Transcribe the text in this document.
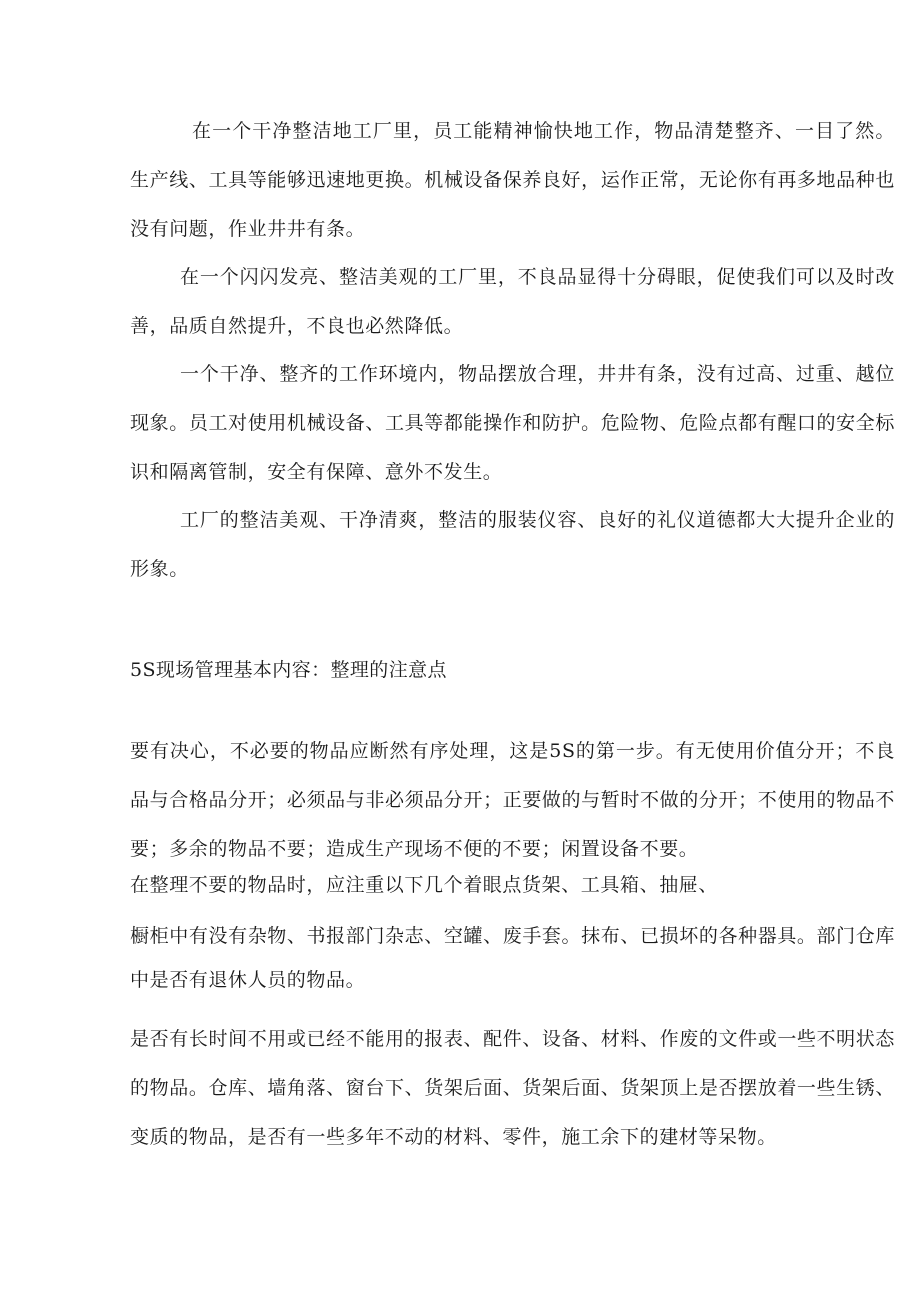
在一个干净整洁地工厂里，员工能精神愉快地工作，物品清楚整齐、一目了然。生产线、工具等能够迅速地更换。机械设备保养良好，运作正常，无论你有再多地品种也没有问题，作业井井有条。

在一个闪闪发亮、整洁美观的工厂里，不良品显得十分碍眼，促使我们可以及时改善，品质自然提升，不良也必然降低。

一个干净、整齐的工作环境内，物品摆放合理，井井有条，没有过高、过重、越位现象。员工对使用机械设备、工具等都能操作和防护。危险物、危险点都有醒口的安全标识和隔离管制，安全有保障、意外不发生。

工厂的整洁美观、干净清爽，整洁的服装仪容、良好的礼仪道德都大大提升企业的形象。

5S现场管理基本内容：整理的注意点

要有决心，不必要的物品应断然有序处理，这是5S的第一步。有无使用价值分开；不良品与合格品分开；必须品与非必须品分开；正要做的与暂时不做的分开；不使用的物品不要；多余的物品不要；造成生产现场不便的不要；闲置设备不要。

在整理不要的物品时，应注重以下几个着眼点货架、工具箱、抽屉、

橱柜中有没有杂物、书报部门杂志、空罐、废手套。抹布、已损坏的各种器具。部门仓库中是否有退休人员的物品。

是否有长时间不用或已经不能用的报表、配件、设备、材料、作废的文件或一些不明状态的物品。仓库、墙角落、窗台下、货架后面、货架后面、货架顶上是否摆放着一些生锈、变质的物品，是否有一些多年不动的材料、零件，施工余下的建材等呆物。
